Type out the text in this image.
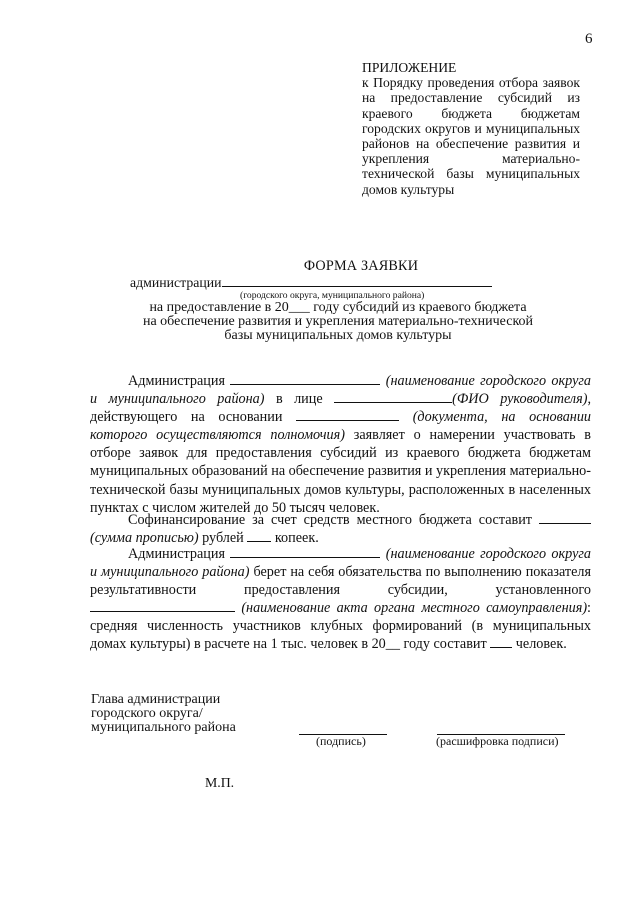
6
ПРИЛОЖЕНИЕ
к Порядку проведения отбора заявок на предоставление субсидий из краевого бюджета бюджетам городских округов и муниципальных районов на обеспечение развития и укрепления материально-технической базы муниципальных домов культуры
ФОРМА ЗАЯВКИ
администрации
(городского округа, муниципального района)
на предоставление в 20___ году субсидий из краевого бюджета
на обеспечение развития и укрепления материально-технической
базы муниципальных домов культуры
Администрация	(наименование городского округа и муниципального района) в лице	(ФИО руководителя), действующего на основании	(документа, на основании которого осуществляются полномочия) заявляет о намерении участвовать в отборе заявок для предоставления субсидий из краевого бюджета бюджетам муниципальных образований на обеспечение развития и укрепления материально-технической базы муниципальных домов культуры, расположенных в населенных пунктах с числом жителей до 50 тысяч человек.
Софинансирование за счет средств местного бюджета составит  (сумма прописью) рублей копеек.
Администрация	(наименование городского округа и муниципального района) берет на себя обязательства по выполнению показателя результативности предоставления субсидии, установленного (наименование акта органа местного самоуправления): средняя численность участников клубных формирований (в муниципальных домах культуры) в расчете на 1 тыс. человек в 20__ году составит человек.
Глава администрации
городского округа/
муниципального района
(подпись)	(расшифровка подписи)
М.П.
